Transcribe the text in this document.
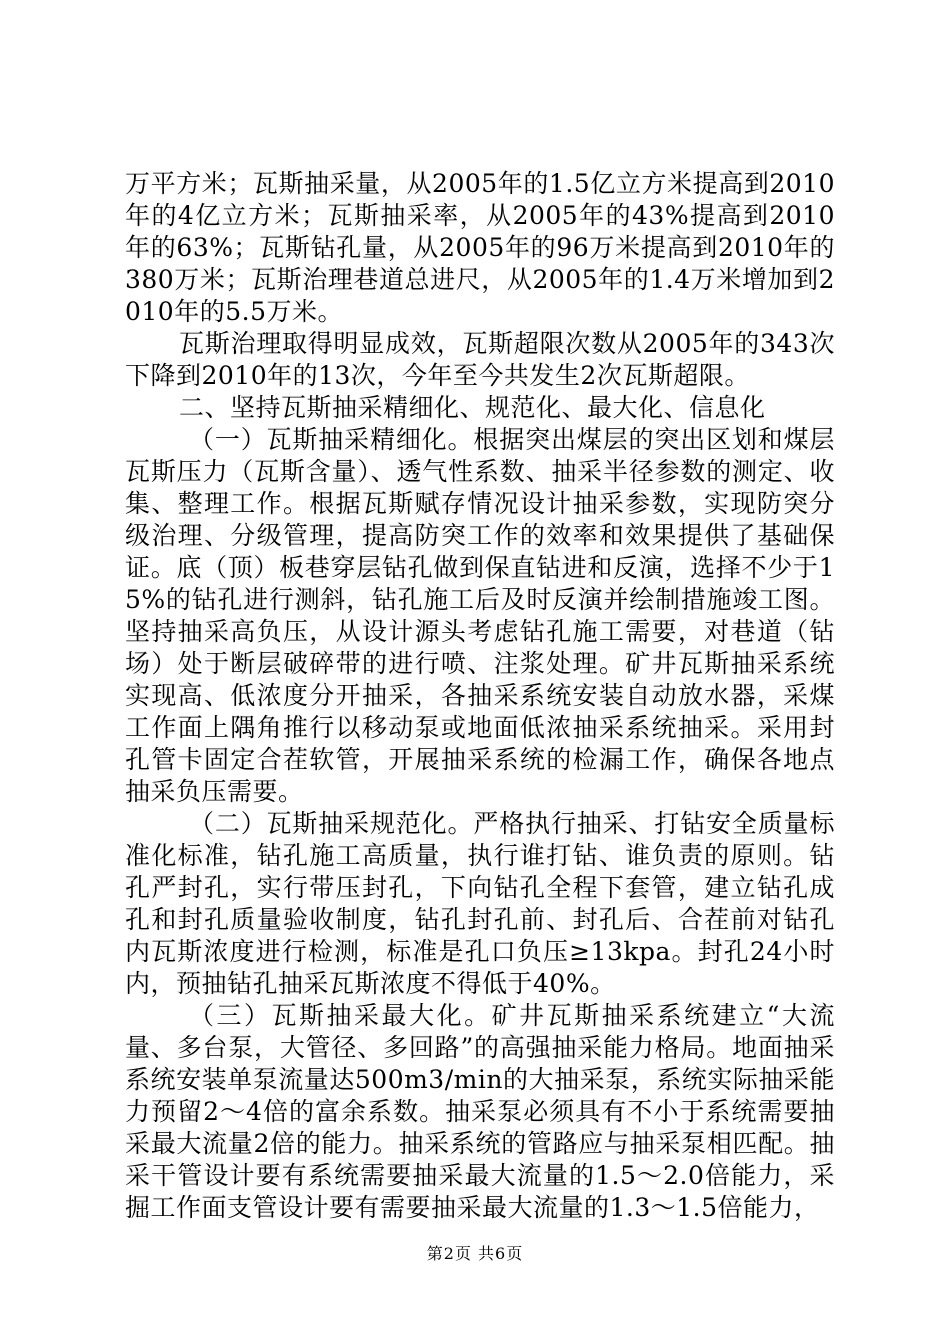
万平方米；瓦斯抽采量，从2005年的1.5亿立方米提高到2010年的4亿立方米；瓦斯抽采率，从2005年的43%提高到2010年的63%；瓦斯钻孔量，从2005年的96万米提高到2010年的380万米；瓦斯治理巷道总进尺，从2005年的1.4万米增加到2010年的5.5万米。

瓦斯治理取得明显成效，瓦斯超限次数从2005年的343次下降到2010年的13次，今年至今共发生2次瓦斯超限。

二、坚持瓦斯抽采精细化、规范化、最大化、信息化

（一）瓦斯抽采精细化。根据突出煤层的突出区划和煤层瓦斯压力（瓦斯含量）、透气性系数、抽采半径参数的测定、收集、整理工作。根据瓦斯赋存情况设计抽采参数，实现防突分级治理、分级管理，提高防突工作的效率和效果提供了基础保证。底（顶）板巷穿层钻孔做到保直钻进和反演，选择不少于15%的钻孔进行测斜，钻孔施工后及时反演并绘制措施竣工图。坚持抽采高负压，从设计源头考虑钻孔施工需要，对巷道（钻场）处于断层破碎带的进行喷、注浆处理。矿井瓦斯抽采系统实现高、低浓度分开抽采，各抽采系统安装自动放水器，采煤工作面上隅角推行以移动泵或地面低浓抽采系统抽采。采用封孔管卡固定合茬软管，开展抽采系统的检漏工作，确保各地点抽采负压需要。

（二）瓦斯抽采规范化。严格执行抽采、打钻安全质量标准化标准，钻孔施工高质量，执行谁打钻、谁负责的原则。钻孔严封孔，实行带压封孔，下向钻孔全程下套管，建立钻孔成孔和封孔质量验收制度，钻孔封孔前、封孔后、合茬前对钻孔内瓦斯浓度进行检测，标准是孔口负压≥13kpa。封孔24小时内，预抽钻孔抽采瓦斯浓度不得低于40%。

（三）瓦斯抽采最大化。矿井瓦斯抽采系统建立“大流量、多台泵，大管径、多回路”的高强抽采能力格局。地面抽采系统安装单泵流量达500m3/min的大抽采泵，系统实际抽采能力预留2～4倍的富余系数。抽采泵必须具有不小于系统需要抽采最大流量2倍的能力。抽采系统的管路应与抽采泵相匹配。抽采干管设计要有系统需要抽采最大流量的1.5～2.0倍能力，采掘工作面支管设计要有需要抽采最大流量的1.3～1.5倍能力，

第2页 共6页
